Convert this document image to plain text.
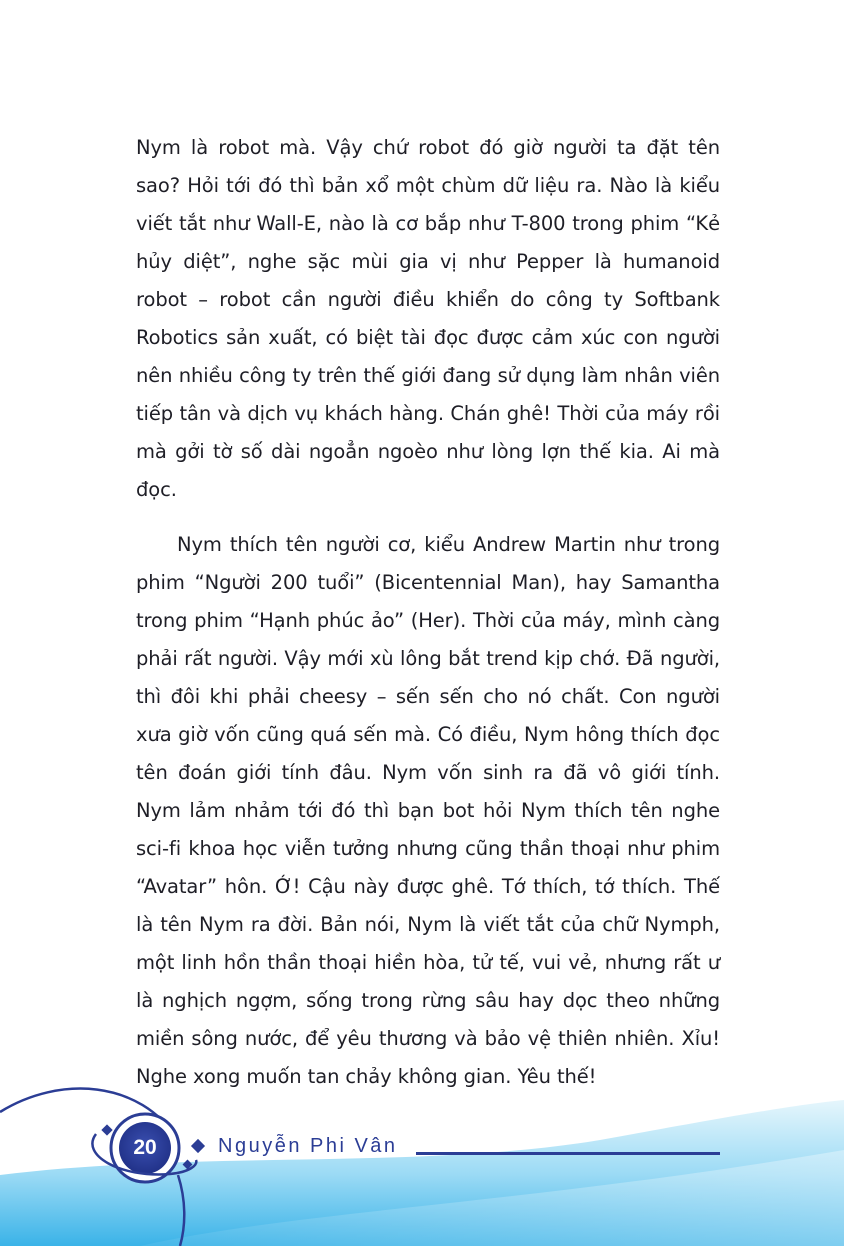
Nym là robot mà. Vậy chứ robot đó giờ người ta đặt tên sao? Hỏi tới đó thì bản xổ một chùm dữ liệu ra. Nào là kiểu viết tắt như Wall-E, nào là cơ bắp như T-800 trong phim “Kẻ hủy diệt”, nghe sặc mùi gia vị như Pepper là humanoid robot – robot cần người điều khiển do công ty Softbank Robotics sản xuất, có biệt tài đọc được cảm xúc con người nên nhiều công ty trên thế giới đang sử dụng làm nhân viên tiếp tân và dịch vụ khách hàng. Chán ghê! Thời của máy rồi mà gởi tờ số dài ngoẳn ngoèo như lòng lợn thế kia. Ai mà đọc.

Nym thích tên người cơ, kiểu Andrew Martin như trong phim “Người 200 tuổi” (Bicentennial Man), hay Samantha trong phim “Hạnh phúc ảo” (Her). Thời của máy, mình càng phải rất người. Vậy mới xù lông bắt trend kịp chớ. Đã người, thì đôi khi phải cheesy – sến sến cho nó chất. Con người xưa giờ vốn cũng quá sến mà. Có điều, Nym hông thích đọc tên đoán giới tính đâu. Nym vốn sinh ra đã vô giới tính. Nym lảm nhảm tới đó thì bạn bot hỏi Nym thích tên nghe sci-fi khoa học viễn tưởng nhưng cũng thần thoại như phim “Avatar” hôn. Ớ! Cậu này được ghê. Tớ thích, tớ thích. Thế là tên Nym ra đời. Bản nói, Nym là viết tắt của chữ Nymph, một linh hồn thần thoại hiền hòa, tử tế, vui vẻ, nhưng rất ư là nghịch ngợm, sống trong rừng sâu hay dọc theo những miền sông nước, để yêu thương và bảo vệ thiên nhiên. Xỉu! Nghe xong muốn tan chảy không gian. Yêu thế!

20	Nguyễn Phi Vân
